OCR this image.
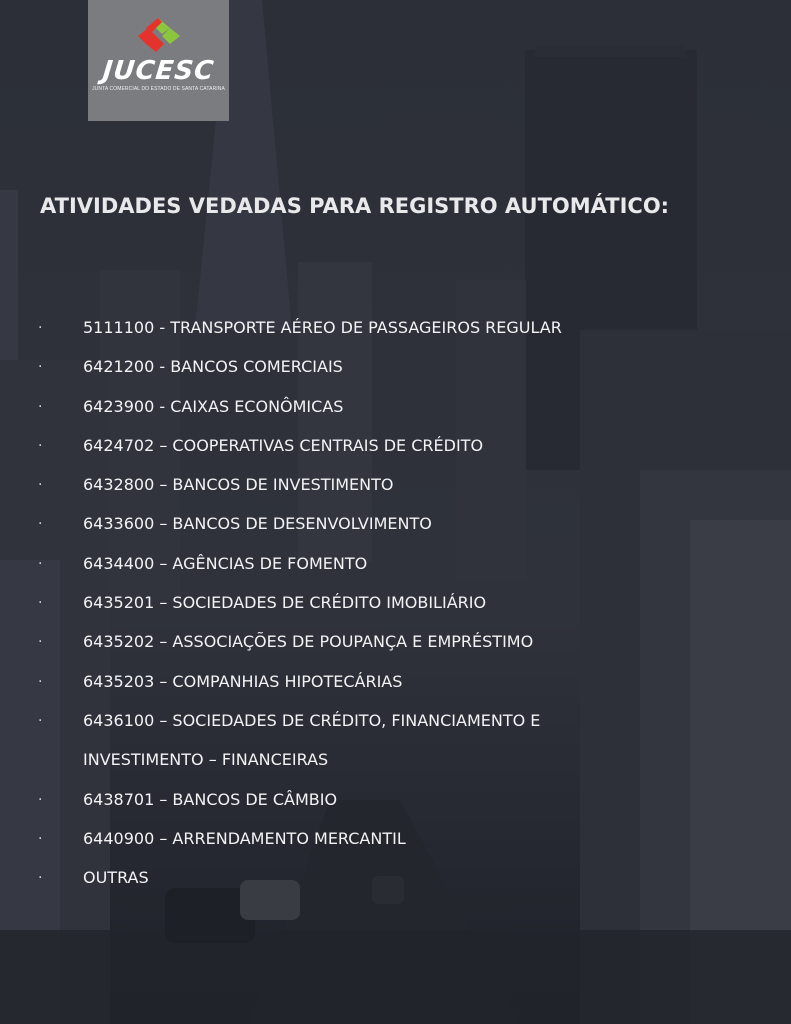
JUCESC
JUNTA COMERCIAL DO ESTADO DE SANTA CATARINA
ATIVIDADES VEDADAS PARA REGISTRO AUTOMÁTICO:
·	5111100 - TRANSPORTE AÉREO DE PASSAGEIROS REGULAR
·	6421200 - BANCOS COMERCIAIS
·	6423900 - CAIXAS ECONÔMICAS
·	6424702 – COOPERATIVAS CENTRAIS DE CRÉDITO
·	6432800 – BANCOS DE INVESTIMENTO
·	6433600 – BANCOS DE DESENVOLVIMENTO
·	6434400 – AGÊNCIAS DE FOMENTO
·	6435201 – SOCIEDADES DE CRÉDITO IMOBILIÁRIO
·	6435202 – ASSOCIAÇÕES DE POUPANÇA E EMPRÉSTIMO
·	6435203 – COMPANHIAS HIPOTECÁRIAS
·	6436100 – SOCIEDADES DE CRÉDITO, FINANCIAMENTO E
INVESTIMENTO – FINANCEIRAS
·	6438701 – BANCOS DE CÂMBIO
·	6440900 – ARRENDAMENTO MERCANTIL
·	OUTRAS
